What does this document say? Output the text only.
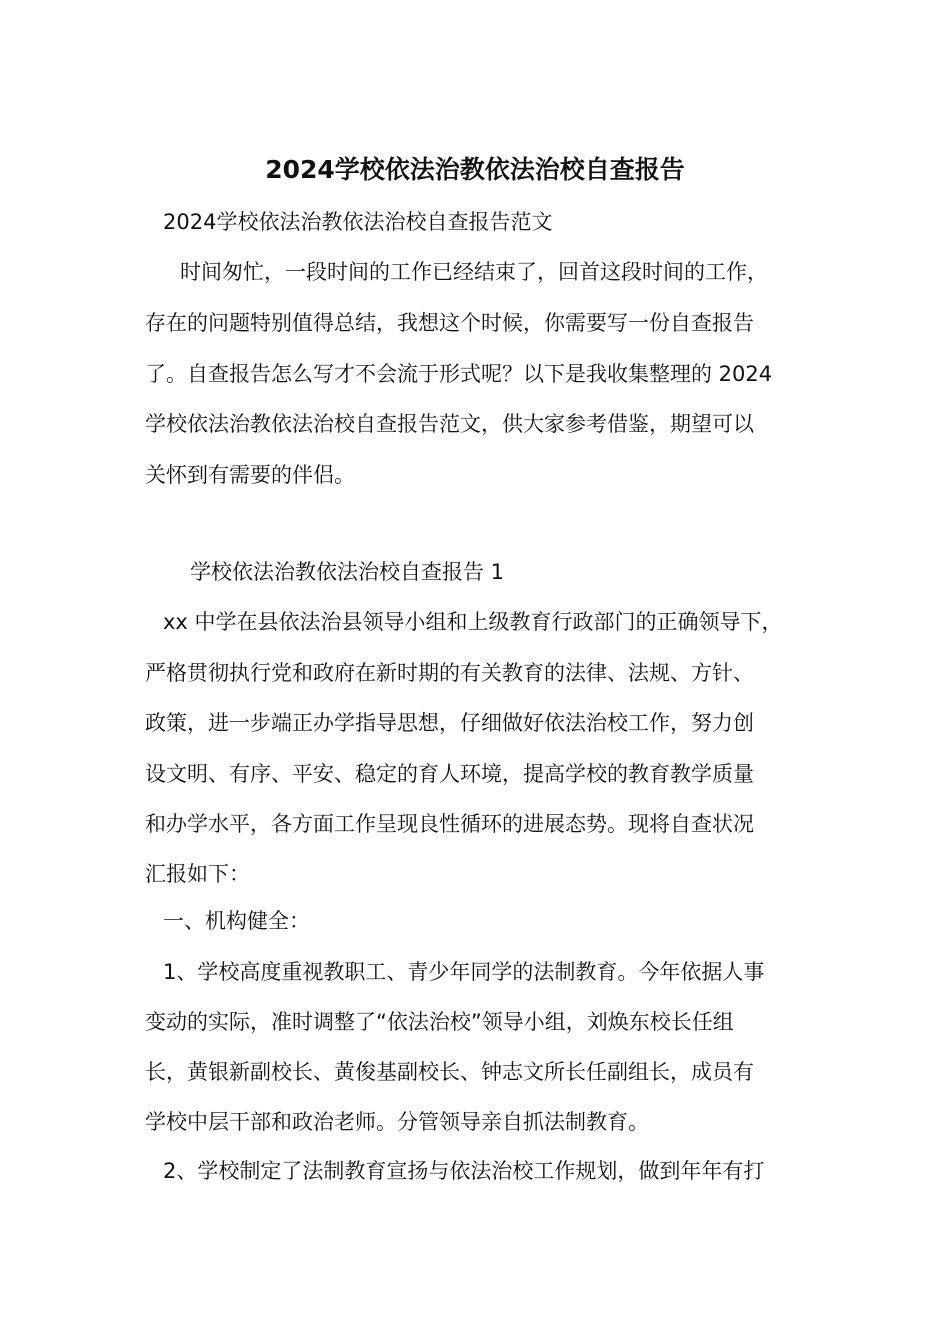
2024学校依法治教依法治校自查报告
2024学校依法治教依法治校自查报告范文
时间匆忙，一段时间的工作已经结束了，回首这段时间的工作，
存在的问题特别值得总结，我想这个时候，你需要写一份自查报告
了。自查报告怎么写才不会流于形式呢？以下是我收集整理的 2024
学校依法治教依法治校自查报告范文，供大家参考借鉴，期望可以
关怀到有需要的伴侣。
学校依法治教依法治校自查报告 1
xx 中学在县依法治县领导小组和上级教育行政部门的正确领导下，
严格贯彻执行党和政府在新时期的有关教育的法律、法规、方针、
政策，进一步端正办学指导思想，仔细做好依法治校工作，努力创
设文明、有序、平安、稳定的育人环境，提高学校的教育教学质量
和办学水平，各方面工作呈现良性循环的进展态势。现将自查状况
汇报如下：
一、机构健全：
1、学校高度重视教职工、青少年同学的法制教育。今年依据人事
变动的实际，准时调整了“依法治校”领导小组，刘焕东校长任组
长，黄银新副校长、黄俊基副校长、钟志文所长任副组长，成员有
学校中层干部和政治老师。分管领导亲自抓法制教育。
2、学校制定了法制教育宣扬与依法治校工作规划，做到年年有打
